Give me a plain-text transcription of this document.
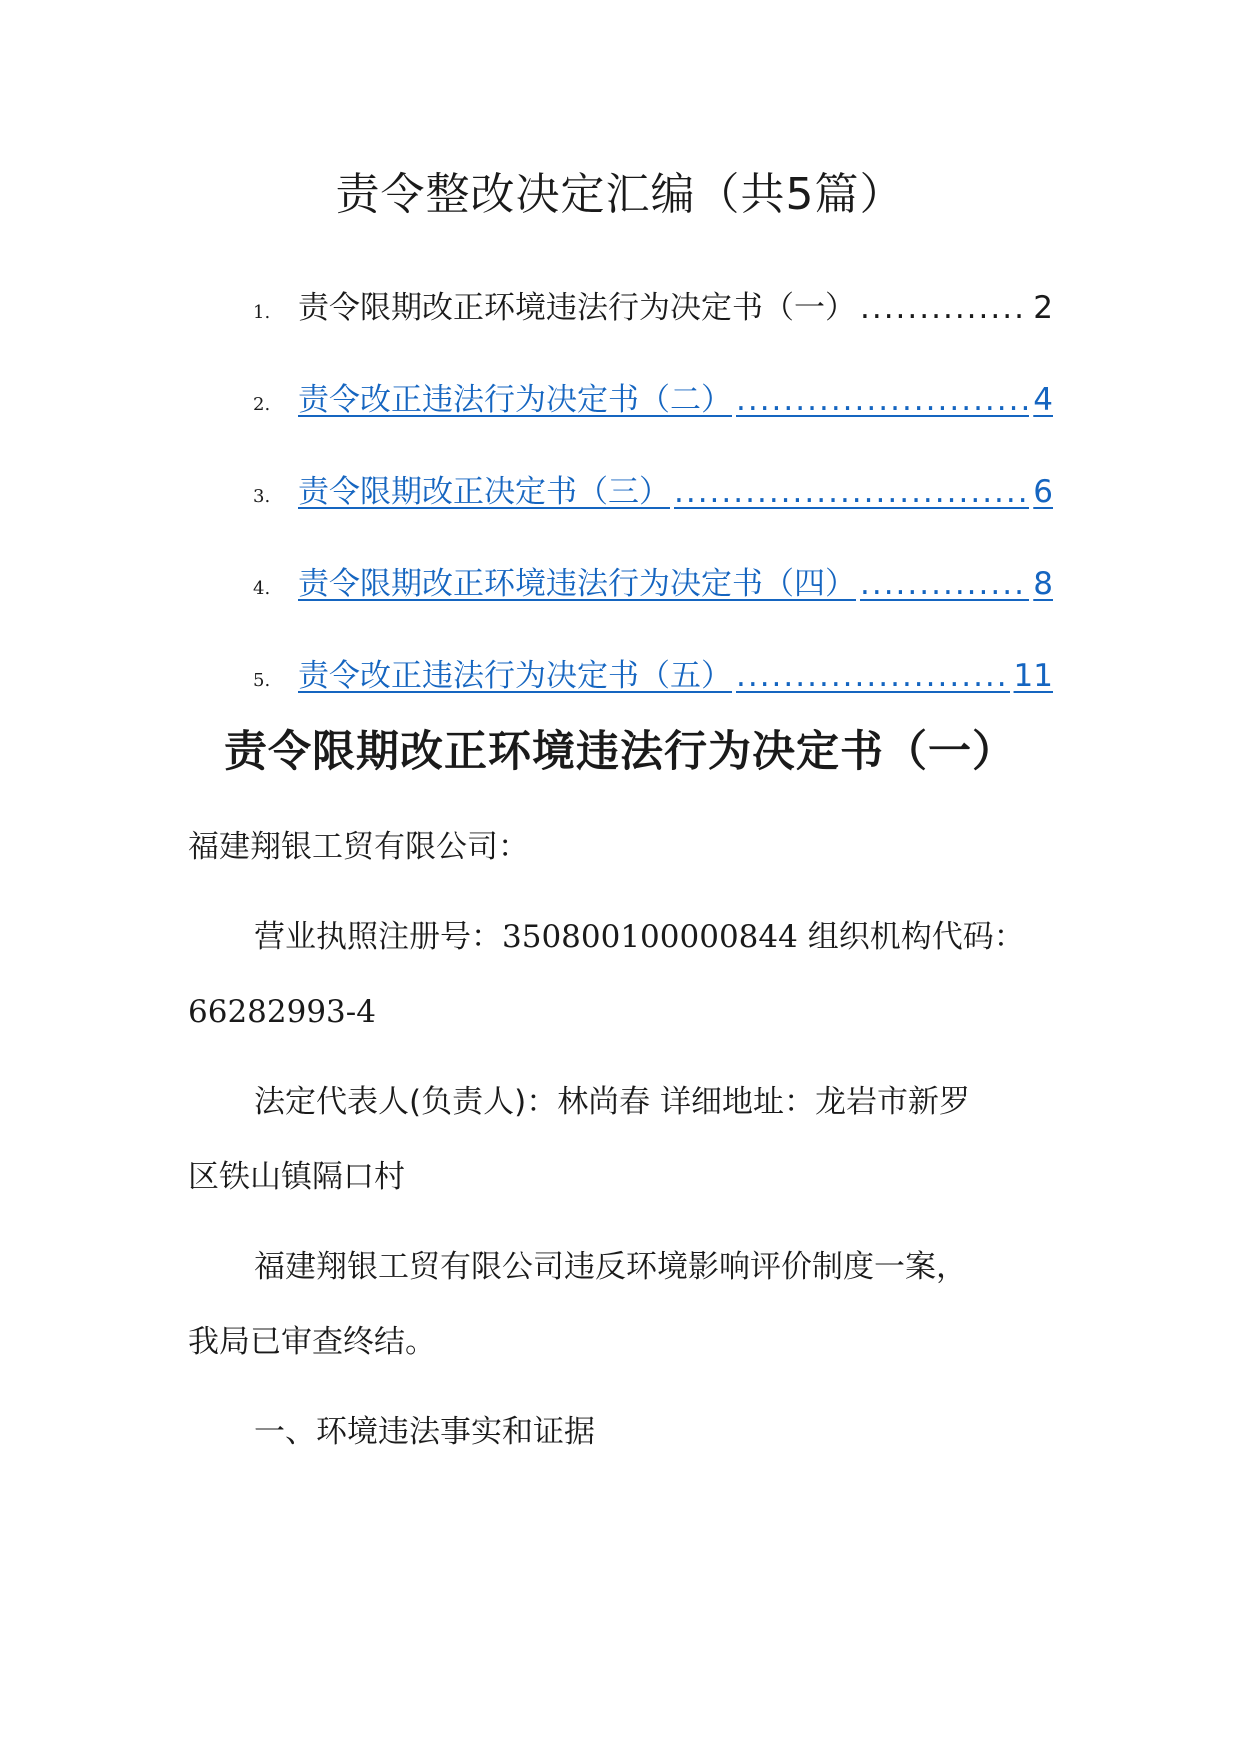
责令整改决定汇编（共5篇）
1. 责令限期改正环境违法行为决定书（一） .....	2
2. 责令改正违法行为决定书（二） .....	4
3. 责令限期改正决定书（三） .....	6
4. 责令限期改正环境违法行为决定书（四） .....	8
5. 责令改正违法行为决定书（五） .....	11
责令限期改正环境违法行为决定书（一）
福建翔银工贸有限公司：
营业执照注册号：350800100000844 组织机构代码：
66282993-4
法定代表人(负责人)：林尚春 详细地址：龙岩市新罗
区铁山镇隔口村
福建翔银工贸有限公司违反环境影响评价制度一案，
我局已审查终结。
一、环境违法事实和证据
